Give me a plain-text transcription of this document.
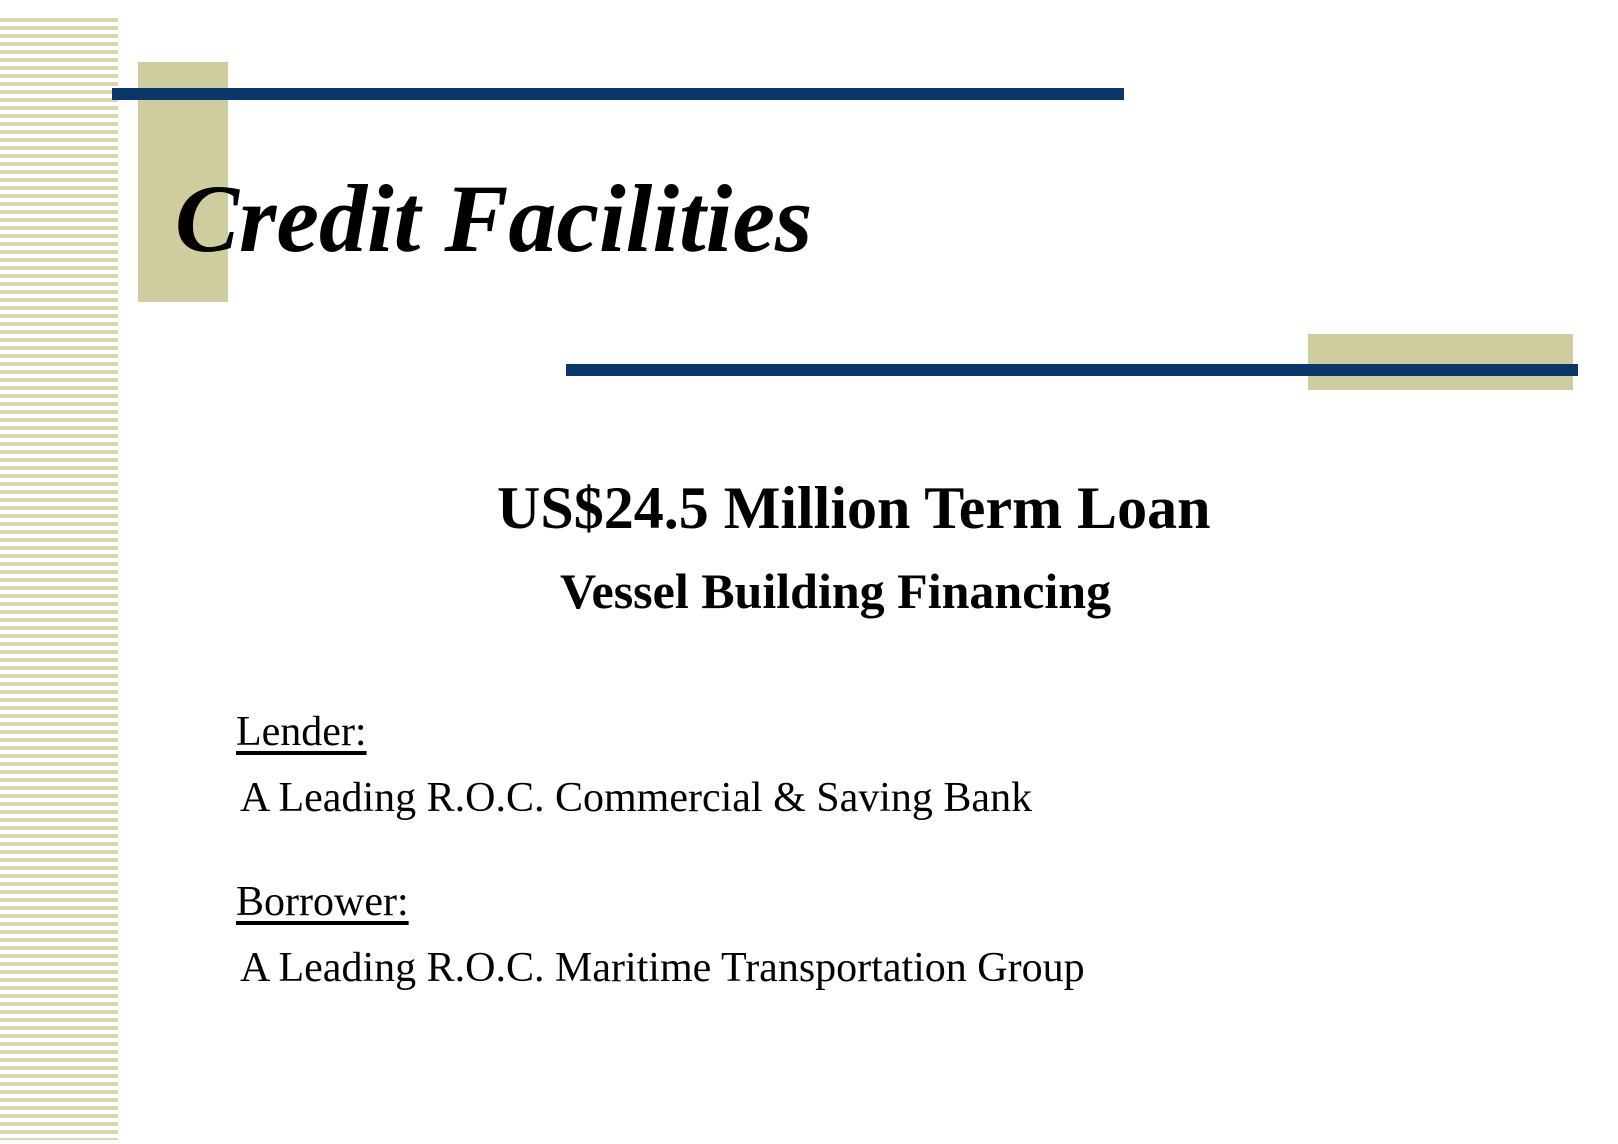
Credit Facilities
US$24.5 Million Term Loan
Vessel Building Financing

Lender:

A Leading R.O.C. Commercial & Saving Bank

Borrower:

A Leading R.O.C. Maritime Transportation Group
